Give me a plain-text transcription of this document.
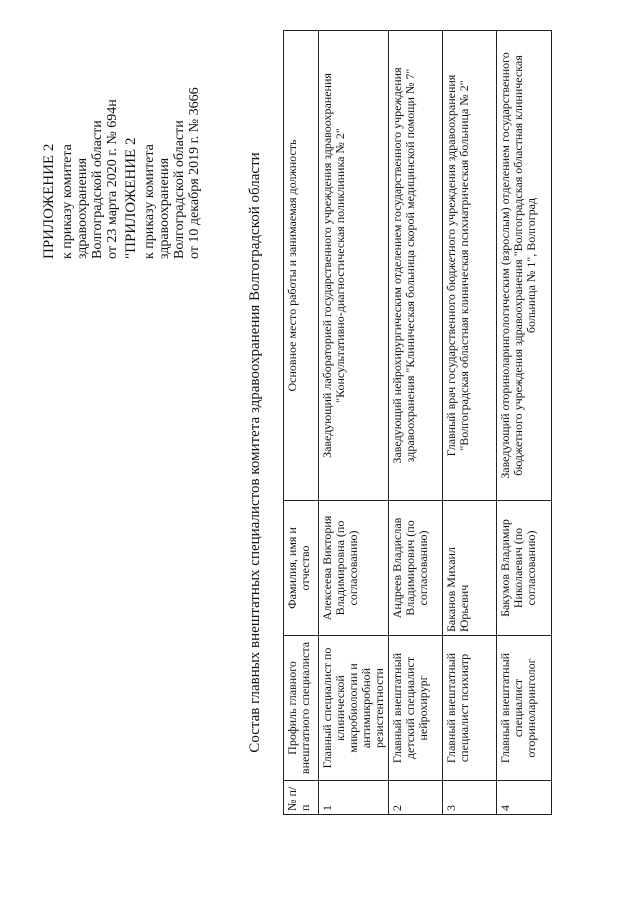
ПРИЛОЖЕНИЕ 2 к приказу комитета здравоохранения Волгоградской области от 23 марта 2020 г. № 694н "ПРИЛОЖЕНИЕ 2 к приказу комитета здравоохранения Волгоградской области от 10 декабря 2019 г. № 3666	Состав главных внештатных специалистов комитета здравоохранения Волгоградской области
№ п/п	Профиль главного внештатного специалиста	Фамилия, имя и отчество	Основное место работы и занимаемая должность
1	Главный специалист по клинической микробиологии и антимикробной резистентности	Алексеева Виктория Владимировна (по согласованию)	Заведующий лабораторией государственного учреждения здравоохранения "Консультативно-диагностическая поликлиника № 2"
2	Главный внештатный детский специалист нейрохирург	Андреев Владислав Владимирович (по согласованию)	Заведующий нейрохирургическим отделением государственного учреждения здравоохранения "Клиническая больница скорой медицинской помощи № 7"
3	Главный внештатный специалист психиатр	Баканов Михаил Юрьевич	Главный врач государственного бюджетного учреждения здравоохранения "Волгоградская областная клиническая психиатрическая больница № 2"
4	Главный внештатный специалист оториноларинголог	Бакумов Владимир Николаевич (по согласованию)	Заведующий оториноларингологическим (взрослым) отделением государственного бюджетного учреждения здравоохранения "Волгоградская областная клиническая больница № 1", Волгоград
